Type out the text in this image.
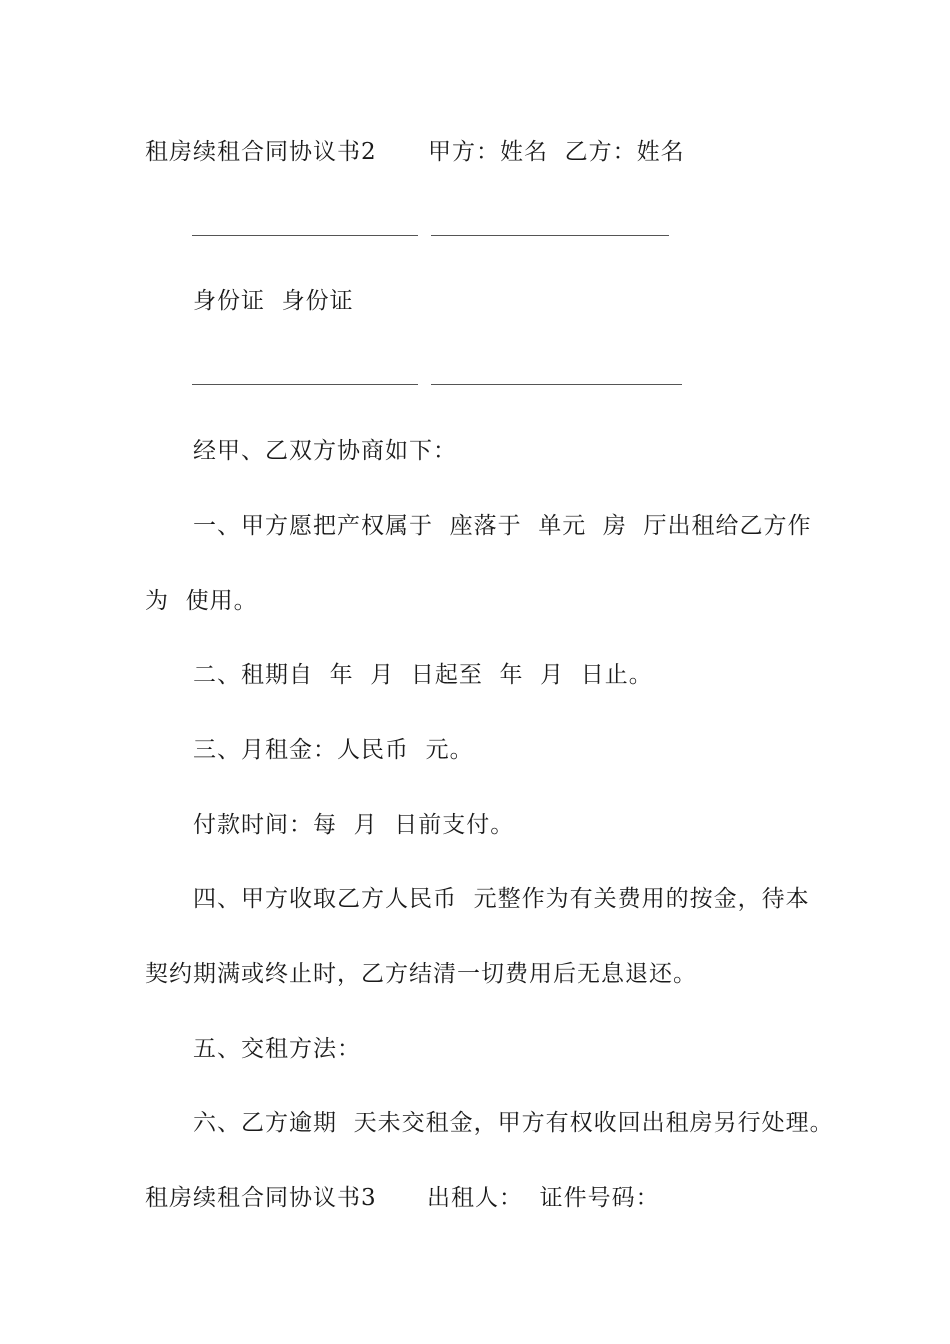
租房续租合同协议书2 甲方：姓名  乙方：姓名
身份证  身份证
经甲、乙双方协商如下：
一、甲方愿把产权属于  座落于  单元  房  厅出租给乙方作
为  使用。
二、租期自  年  月  日起至  年  月  日止。
三、月租金：人民币  元。
付款时间：每  月  日前支付。
四、甲方收取乙方人民币  元整作为有关费用的按金，待本
契约期满或终止时，乙方结清一切费用后无息退还。
五、交租方法：
六、乙方逾期  天未交租金，甲方有权收回出租房另行处理。
租房续租合同协议书3 出租人：  证件号码：
